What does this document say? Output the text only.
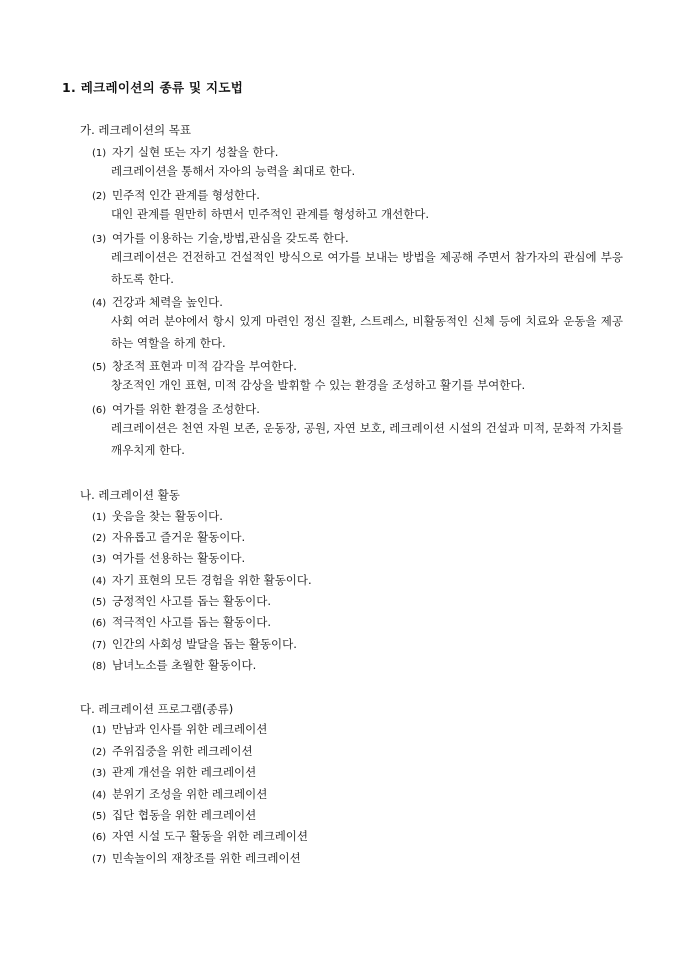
1. 레크레이션의 종류 및 지도법
가. 레크레이션의 목표
(1) 자기 실현 또는 자기 성찰을 한다.
레크레이션을 통해서 자아의 능력을 최대로 한다.
(2) 민주적 인간 관계를 형성한다.
대인 관계를 원만히 하면서 민주적인 관계를 형성하고 개선한다.
(3) 여가를 이용하는 기술,방법,관심을 갖도록 한다.
레크레이션은 건전하고 건설적인 방식으로 여가를 보내는 방법을 제공해 주면서 참가자의 관심에 부응하도록 한다.
(4) 건강과 체력을 높인다.
사회 여러 분야에서 항시 있게 마련인 정신 질환, 스트레스, 비활동적인 신체 등에 치료와 운동을 제공하는 역할을 하게 한다.
(5) 창조적 표현과 미적 감각을 부여한다.
창조적인 개인 표현, 미적 감상을 발휘할 수 있는 환경을 조성하고 활기를 부여한다.
(6) 여가를 위한 환경을 조성한다.
레크레이션은 천연 자원 보존, 운동장, 공원, 자연 보호, 레크레이션 시설의 건설과 미적, 문화적 가치를 깨우치게 한다.
나. 레크레이션 활동
(1) 웃음을 찾는 활동이다.
(2) 자유롭고 즐거운 활동이다.
(3) 여가를 선용하는 활동이다.
(4) 자기 표현의 모든 경험을 위한 활동이다.
(5) 긍정적인 사고를 돕는 활동이다.
(6) 적극적인 사고를 돕는 활동이다.
(7) 인간의 사회성 발달을 돕는 활동이다.
(8) 남녀노소를 초월한 활동이다.
다. 레크레이션 프로그램(종류)
(1) 만남과 인사를 위한 레크레이션
(2) 주위집중을 위한 레크레이션
(3) 관계 개선을 위한 레크레이션
(4) 분위기 조성을 위한 레크레이션
(5) 집단 협동을 위한 레크레이션
(6) 자연 시설 도구 활동을 위한 레크레이션
(7) 민속놀이의 재창조를 위한 레크레이션
